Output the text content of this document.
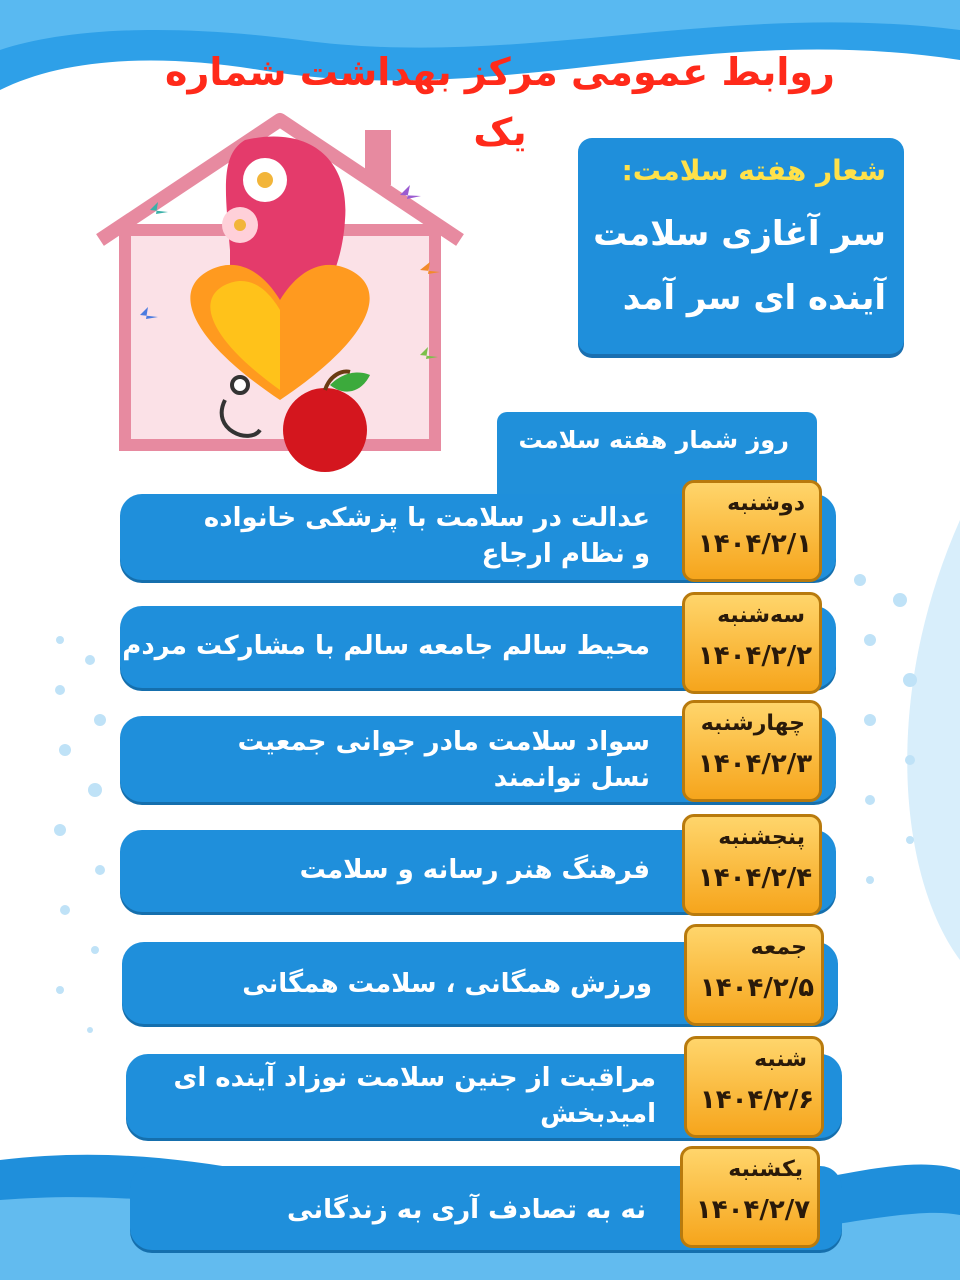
روابط عمومی مرکز بهداشت شماره یک
شعار هفته سلامت:
سر آغازی سلامت
آینده ای سر آمد
روز شمار هفته سلامت
عدالت در سلامت با پزشکی خانواده
و نظام ارجاع
دوشنبه
۱۴۰۴/۲/۱
محیط سالم جامعه سالم با مشارکت مردم
سه‌شنبه
۱۴۰۴/۲/۲
سواد سلامت مادر جوانی جمعیت
نسل توانمند
چهارشنبه
۱۴۰۴/۲/۳
فرهنگ هنر رسانه و سلامت
پنجشنبه
۱۴۰۴/۲/۴
ورزش همگانی ، سلامت همگانی
جمعه
۱۴۰۴/۲/۵
مراقبت از جنین سلامت نوزاد آینده ای
امیدبخش
شنبه
۱۴۰۴/۲/۶
نه به تصادف آری به زندگانی
یکشنبه
۱۴۰۴/۲/۷
